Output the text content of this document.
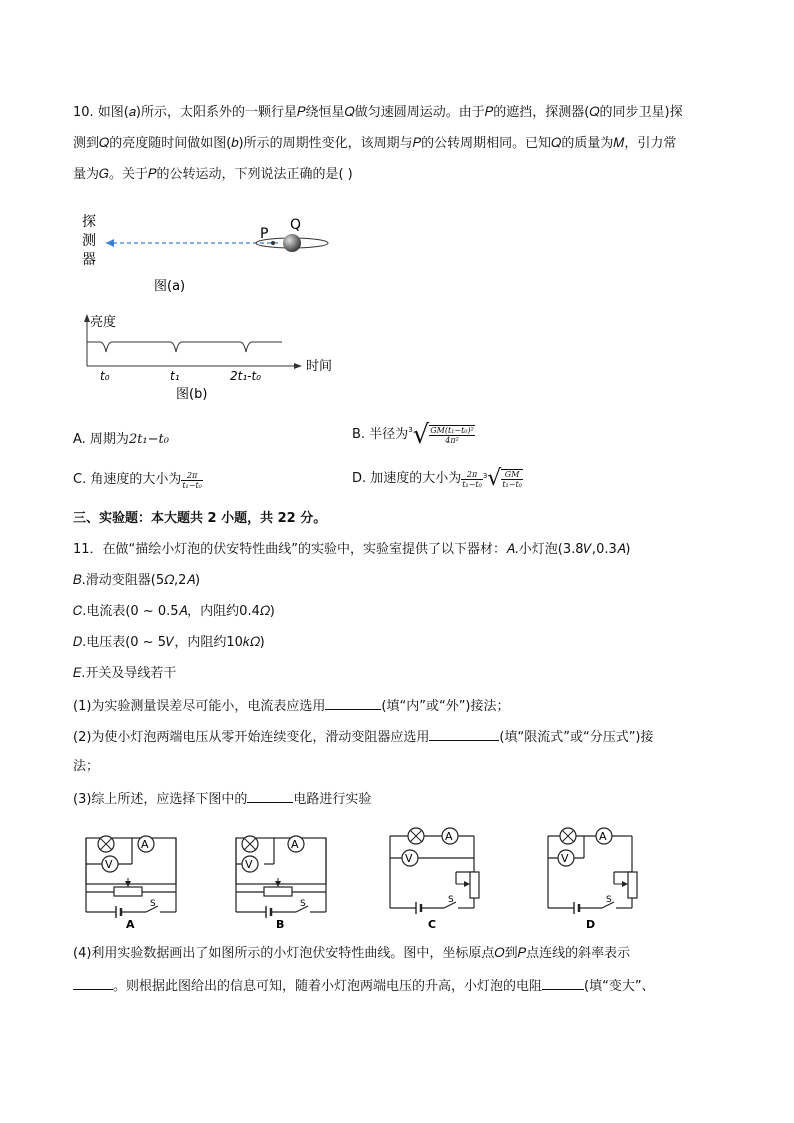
10. 如图(𝑎)所示，太阳系外的一颗行星𝑃绕恒星𝑄做匀速圆周运动。由于𝑃的遮挡，探测器(𝑄的同步卫星)探
测到𝑄的亮度随时间做如图(𝑏)所示的周期性变化，该周期与𝑃的公转周期相同。已知𝑄的质量为𝑀，引力常
量为𝐺。关于𝑃的公转运动，下列说法正确的是( )
探
测
器
P
Q
图(a)
亮度
时间
t₀	t₁	2t₁-t₀
图(b)
A. 周期为2𝑡₁−𝑡₀	B. 半径为$^3√ \frac{\text{GM(t₁−t₀)²}}{\text{4π²}}$
C. 角速度的大小为 $\frac{2\pi}{\text{t₁−t₀}}$	D. 加速度的大小为 $\frac{2\pi}{\text{t₁−t₀}} ^3√ \frac{GM}{\text{t₁−t₀}}$
三、实验题：本大题共 2 小题，共 22 分。
11．在做“描绘小灯泡的伏安特性曲线”的实验中，实验室提供了以下器材：𝐴.小灯泡(3.8𝑉,0.3𝐴)
𝐵.滑动变阻器(5𝛺,2𝐴)
𝐶.电流表(0 ~ 0.5𝐴，内阻约0.4𝛺)
𝐷.电压表(0 ~ 5𝑉，内阻约10𝑘𝛺)
𝐸.开关及导线若干
(1)为实验测量误差尽可能小，电流表应选用	(填“内”或“外”)接法；
(2)为使小灯泡两端电压从零开始连续变化，滑动变阻器应选用	(填“限流式”或“分压式”)接
法；
(3)综上所述，应选择下图中的	电路进行实验
A
V
S
A
A
V
S
B
A
V
S
C
A
V
S
D
(4)利用实验数据画出了如图所示的小灯泡伏安特性曲线。图中，坐标原点𝑂到𝑃点连线的斜率表示
。则根据此图给出的信息可知，随着小灯泡两端电压的升高，小灯泡的电阻	(填“变大”、
